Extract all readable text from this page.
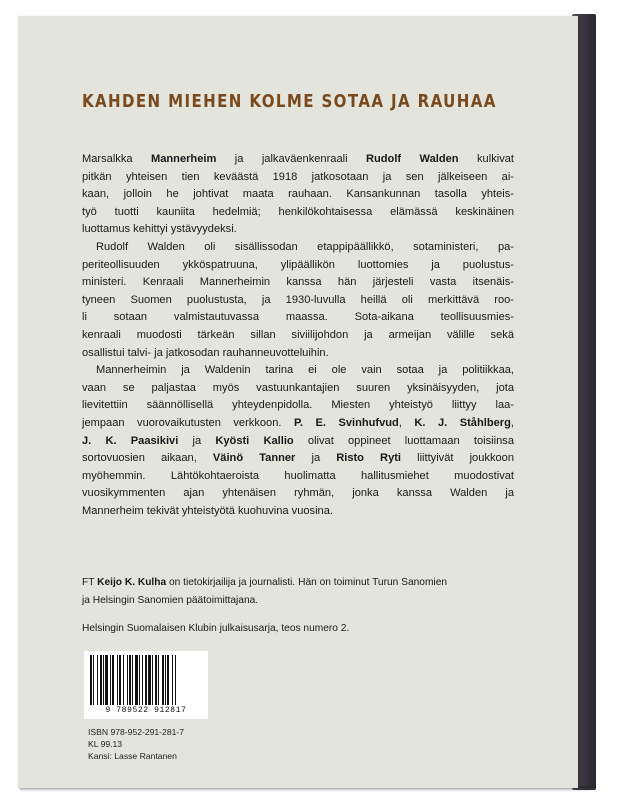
KAHDEN MIEHEN KOLME SOTAA JA RAUHAA
Marsalkka Mannerheim ja jalkaväenkenraali Rudolf Walden kulkivat
pitkän yhteisen tien keväästä 1918 jatkosotaan ja sen jälkeiseen ai-
kaan, jolloin he johtivat maata rauhaan. Kansankunnan tasolla yhteis-
työ tuotti kauniita hedelmiä; henkilökohtaisessa elämässä keskinäinen
luottamus kehittyi ystävyydeksi.
Rudolf Walden oli sisällissodan etappipäällikkö, sotaministeri, pa-
periteollisuuden ykköspatruuna, ylipäällikön luottomies ja puolustus-
ministeri. Kenraali Mannerheimin kanssa hän järjesteli vasta itsenäis-
tyneen Suomen puolustusta, ja 1930-luvulla heillä oli merkittävä roo-
li sotaan valmistautuvassa maassa. Sota-aikana teollisuusmies-
kenraali muodosti tärkeän sillan siviilijohdon ja armeijan välille sekä
osallistui talvi- ja jatkosodan rauhanneuvotteluihin.
Mannerheimin ja Waldenin tarina ei ole vain sotaa ja politiikkaa,
vaan se paljastaa myös vastuunkantajien suuren yksinäisyyden, jota
lievitettiin säännöllisellä yhteydenpidolla. Miesten yhteistyö liittyy laa-
jempaan vuorovaikutusten verkkoon. P. E. Svinhufvud, K. J. Ståhlberg,
J. K. Paasikivi ja Kyösti Kallio olivat oppineet luottamaan toisiinsa
sortovuosien aikaan, Väinö Tanner ja Risto Ryti liittyivät joukkoon
myöhemmin. Lähtökohtaeroista huolimatta hallitusmiehet muodostivat
vuosikymmenten ajan yhtenäisen ryhmän, jonka kanssa Walden ja
Mannerheim tekivät yhteistyötä kuohuvina vuosina.
FT Keijo K. Kulha on tietokirjailija ja journalisti. Hän on toiminut Turun Sanomien
ja Helsingin Sanomien päätoimittajana.
Helsingin Suomalaisen Klubin julkaisusarja, teos numero 2.
9 789522 912817
ISBN 978-952-291-281-7
KL 99.13
Kansi: Lasse Rantanen
